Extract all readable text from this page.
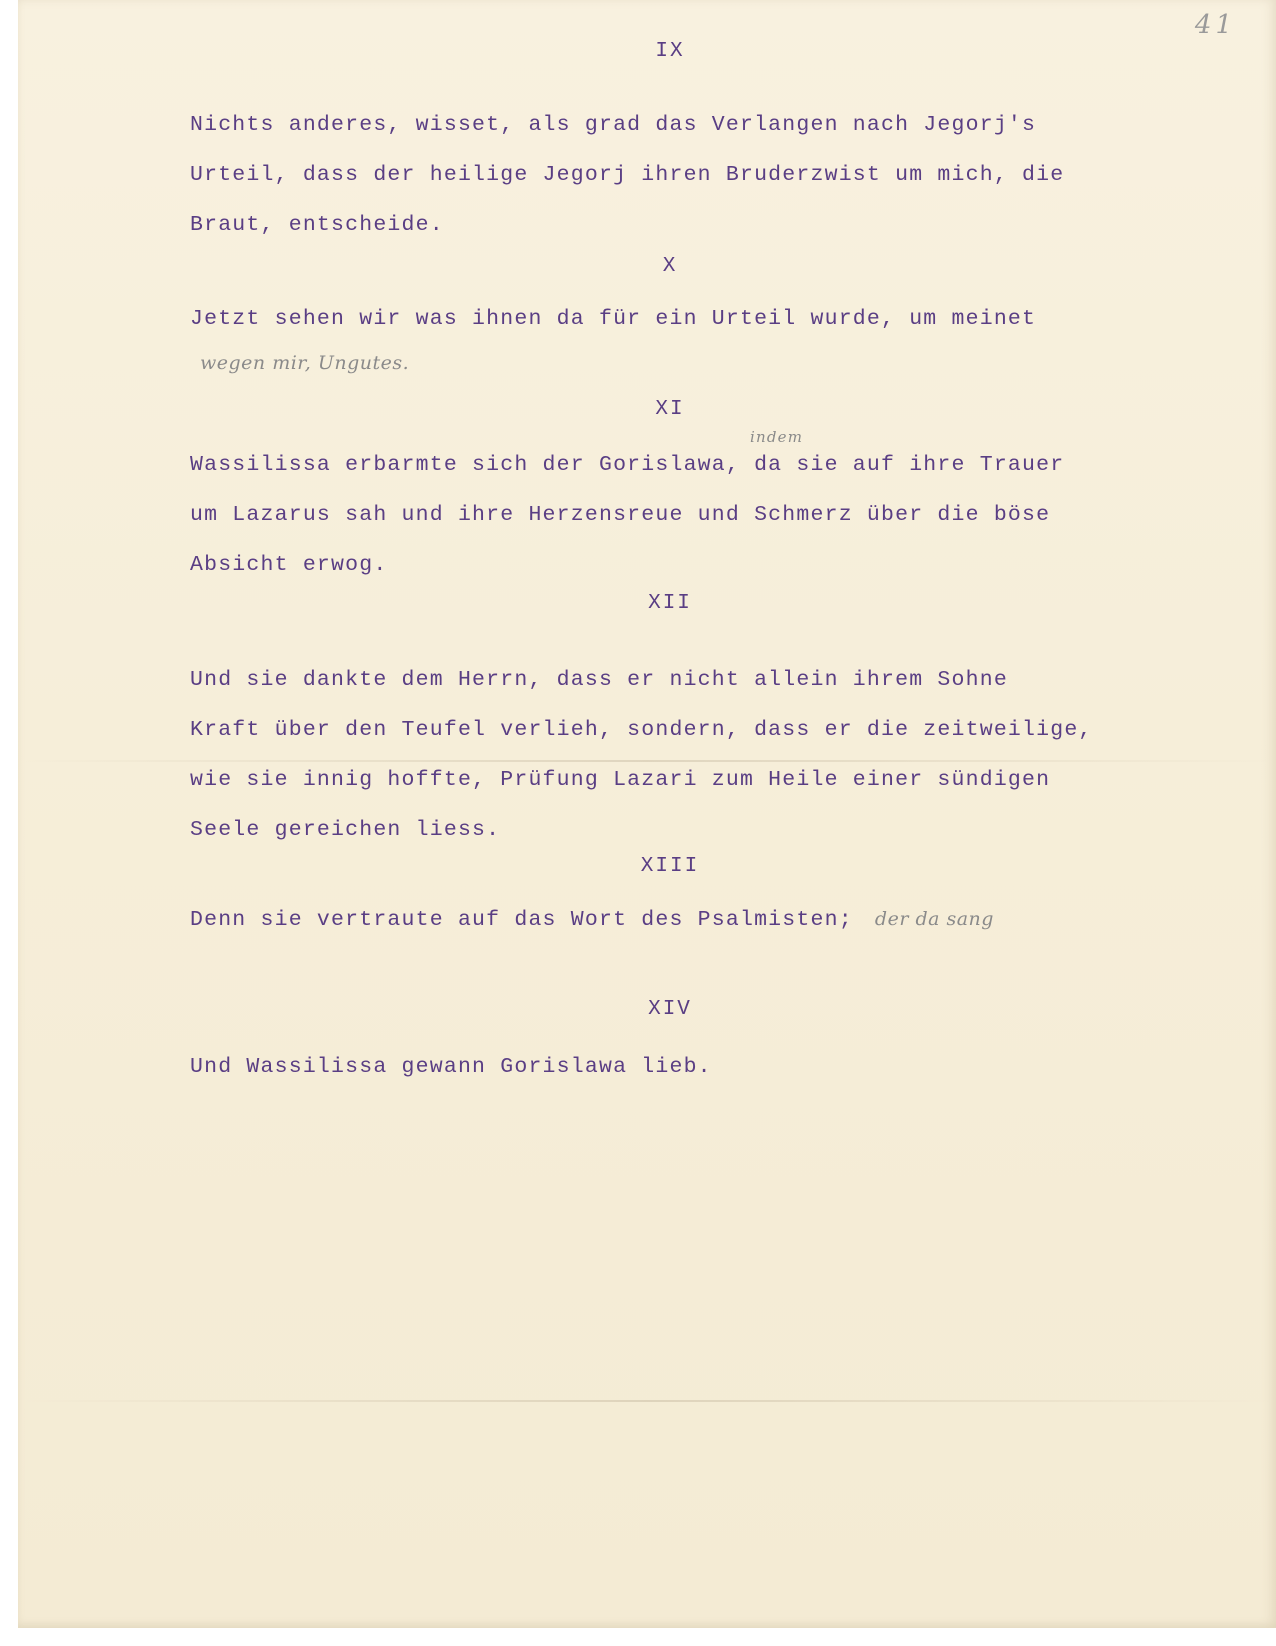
41
IX
Nichts anderes, wisset, als grad das Verlangen nach Jegorj's
Urteil, dass der heilige Jegorj ihren Bruderzwist um mich, die
Braut, entscheide.
X
Jetzt sehen wir was ihnen da für ein Urteil wurde, um meinet
wegen mir, Ungutes.
XI
indem
Wassilissa erbarmte sich der Gorislawa, da sie auf ihre Trauer
um Lazarus sah und ihre Herzensreue und Schmerz über die böse
Absicht erwog.
XII
Und sie dankte dem Herrn, dass er nicht allein ihrem Sohne
Kraft über den Teufel verlieh, sondern, dass er die zeitweilige,
wie sie innig hoffte, Prüfung Lazari zum Heile einer sündigen
Seele gereichen liess.
XIII
Denn sie vertraute auf das Wort des Psalmisten; der da sang
XIV
Und Wassilissa gewann Gorislawa lieb.
